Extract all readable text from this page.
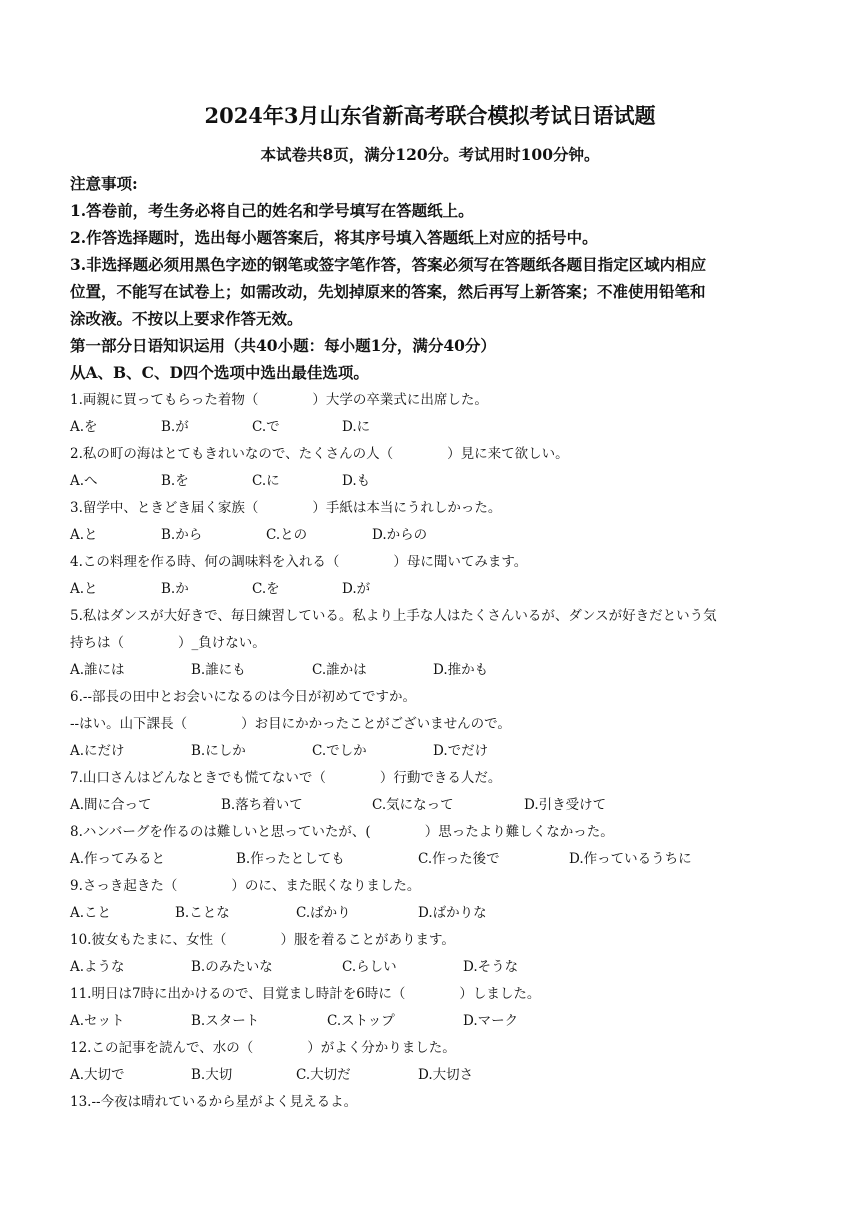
2024年3月山东省新高考联合模拟考试日语试题
本试卷共8页，满分120分。考试用时100分钟。
注意事项:
1.答卷前，考生务必将自己的姓名和学号填写在答题纸上。
2.作答选择题时，选出每小题答案后，将其序号填入答题纸上对应的括号中。
3.非选择题必须用黑色字迹的钢笔或签字笔作答，答案必须写在答题纸各题目指定区域内相应
位置，不能写在试卷上；如需改动，先划掉原来的答案，然后再写上新答案；不准使用铅笔和
涂改液。不按以上要求作答无效。
第一部分日语知识运用（共40小题：每小题1分，满分40分）
从A、B、C、D四个选项中选出最佳选项。
1.両親に買ってもらった着物（　　　　）大学の卒業式に出席した。
A.を	B.が	C.で	D.に
2.私の町の海はとてもきれいなので、たくさんの人（　　　　）見に来て欲しい。
A.へ	B.を	C.に	D.も
3.留学中、ときどき届く家族（　　　　）手紙は本当にうれしかった。
A.と	B.から	C.との	D.からの
4.この料理を作る時、何の調味料を入れる（　　　　）母に聞いてみます。
A.と	B.か	C.を	D.が
5.私はダンスが大好きで、毎日練習している。私より上手な人はたくさんいるが、ダンスが好きだという気
持ちは（　　　　）_負けない。
A.誰には	B.誰にも	C.誰かは	D.推かも
6.--部長の田中とお会いになるのは今日が初めてですか。
--はい。山下課長（　　　　）お目にかかったことがございませんので。
A.にだけ	B.にしか	C.でしか	D.でだけ
7.山口さんはどんなときでも慌てないで（　　　　）行動できる人だ。
A.間に合って	B.落ち着いて	C.気になって	D.引き受けて
8.ハンバーグを作るのは難しいと思っていたが、(　　　　）思ったより難しくなかった。
A.作ってみると	B.作ったとしても	C.作った後で	D.作っているうちに
9.さっき起きた（　　　　）のに、また眠くなりました。
A.こと	B.ことな	C.ばかり	D.ばかりな
10.彼女もたまに、女性（　　　　）服を着ることがあります。
A.ような	B.のみたいな	C.らしい	D.そうな
11.明日は7時に出かけるので、目覚まし時計を6時に（　　　　）しました。
A.セット	B.スタート	C.ストップ	D.マーク
12.この記事を読んで、水の（　　　　）がよく分かりました。
A.大切で	B.大切	C.大切だ	D.大切さ
13.--今夜は晴れているから星がよく見えるよ。
